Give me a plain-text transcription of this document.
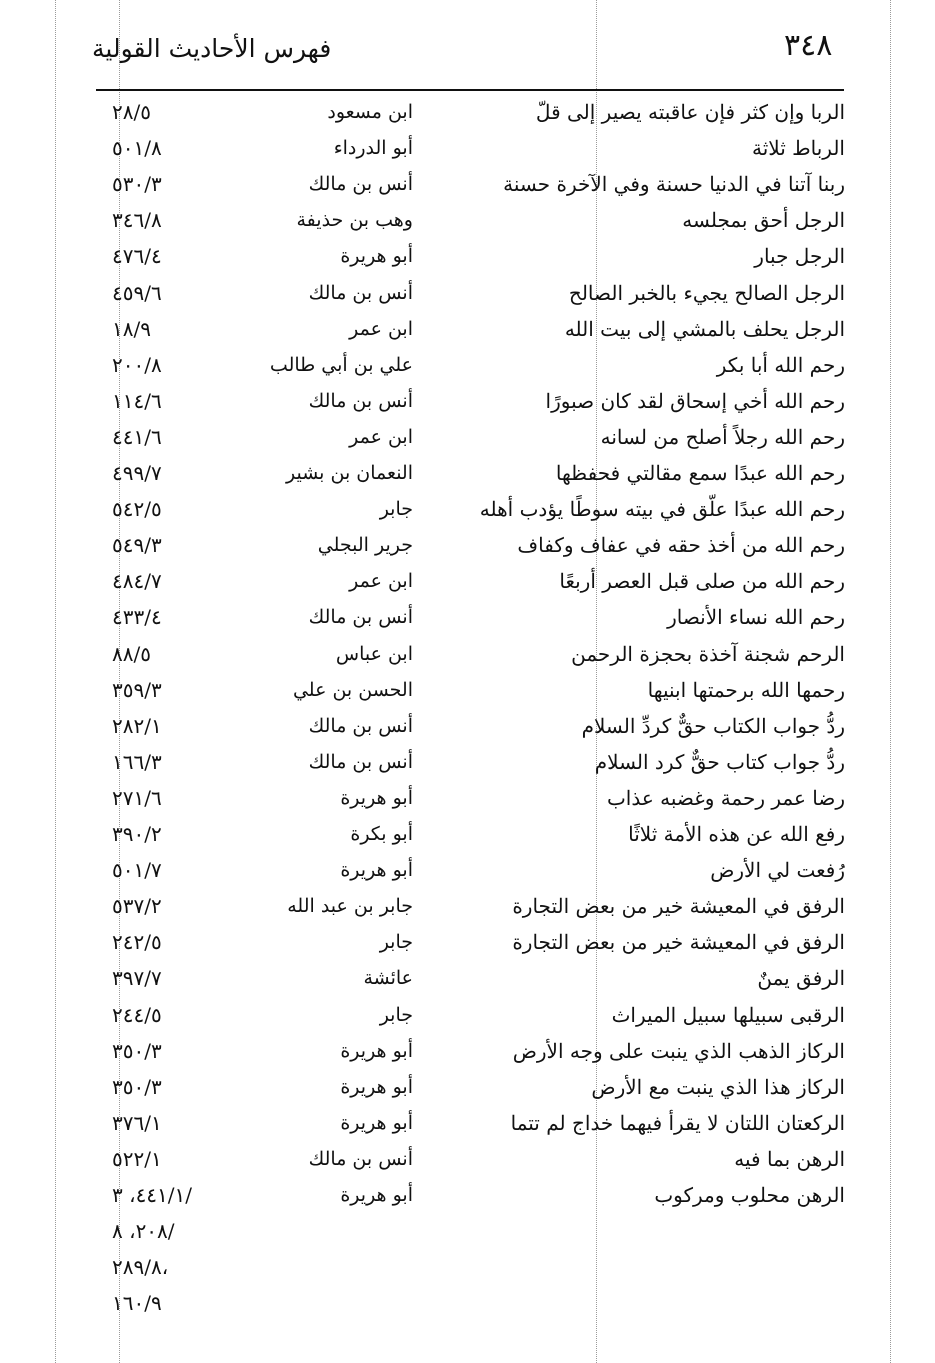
٣٤٨
فهرس الأحاديث القولية
الربا وإن كثر فإن عاقبته يصير إلى قلّ
ابن مسعود
٢٨/٥
الرباط ثلاثة
أبو الدرداء
٥٠١/٨
ربنا آتنا في الدنيا حسنة وفي الآخرة حسنة
أنس بن مالك
٥٣٠/٣
الرجل أحق بمجلسه
وهب بن حذيفة
٣٤٦/٨
الرجل جبار
أبو هريرة
٤٧٦/٤
الرجل الصالح يجيء بالخبر الصالح
أنس بن مالك
٤٥٩/٦
الرجل يحلف بالمشي إلى بيت الله
ابن عمر
١٨/٩
رحم الله أبا بكر
علي بن أبي طالب
٢٠٠/٨
رحم الله أخي إسحاق لقد كان صبورًا
أنس بن مالك
١١٤/٦
رحم الله رجلاً أصلح من لسانه
ابن عمر
٤٤١/٦
رحم الله عبدًا سمع مقالتي فحفظها
النعمان بن بشير
٤٩٩/٧
رحم الله عبدًا علّق في بيته سوطًا يؤدب أهله
جابر
٥٤٢/٥
رحم الله من أخذ حقه في عفاف وكفاف
جرير البجلي
٥٤٩/٣
رحم الله من صلى قبل العصر أربعًا
ابن عمر
٤٨٤/٧
رحم الله نساء الأنصار
أنس بن مالك
٤٣٣/٤
الرحم شجنة آخذة بحجزة الرحمن
ابن عباس
٨٨/٥
رحمها الله برحمتها ابنيها
الحسن بن علي
٣٥٩/٣
ردُّ جواب الكتاب حقٌّ كردِّ السلام
أنس بن مالك
٢٨٢/١
ردُّ جواب كتاب حقٌّ كرد السلام
أنس بن مالك
١٦٦/٣
رضا عمر رحمة وغضبه عذاب
أبو هريرة
٢٧١/٦
رفع الله عن هذه الأمة ثلاثًا
أبو بكرة
٣٩٠/٢
رُفعت لي الأرض
أبو هريرة
٥٠١/٧
الرفق في المعيشة خير من بعض التجارة
جابر بن عبد الله
٥٣٧/٢
الرفق في المعيشة خير من بعض التجارة
جابر
٢٤٢/٥
الرفق يمنٌ
عائشة
٣٩٧/٧
الرقبى سبيلها سبيل الميراث
جابر
٢٤٤/٥
الركاز الذهب الذي ينبت على وجه الأرض
أبو هريرة
٣٥٠/٣
الركاز هذا الذي ينبت مع الأرض
أبو هريرة
٣٥٠/٣
الركعتان اللتان لا يقرأ فيهما خداج لم تتما
أبو هريرة
٣٧٦/١
الرهن بما فيه
أنس بن مالك
٥٢٢/١
الرهن محلوب ومركوب
أبو هريرة
٤٤١/١، ٣/
٢٠٨، ٨/
٢٨٩/٨،
١٦٠/٩
